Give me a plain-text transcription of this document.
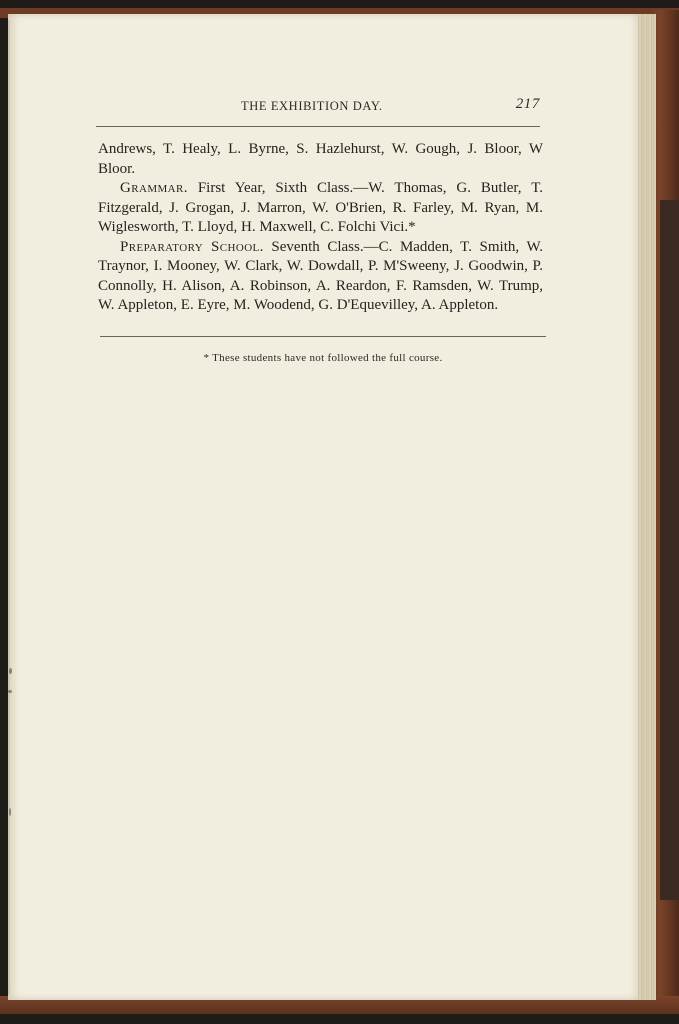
THE EXHIBITION DAY.	217

Andrews, T. Healy, L. Byrne, S. Hazlehurst, W. Gough, J. Bloor, W Bloor.

Grammar. First Year, Sixth Class.—W. Thomas, G. Butler, T. Fitzgerald, J. Grogan, J. Marron, W. O'Brien, R. Farley, M. Ryan, M. Wiglesworth, T. Lloyd, H. Maxwell, C. Folchi Vici.*

Preparatory School. Seventh Class.—C. Madden, T. Smith, W. Traynor, I. Mooney, W. Clark, W. Dowdall, P. M'Sweeny, J. Goodwin, P. Connolly, H. Alison, A. Robinson, A. Reardon, F. Ramsden, W. Trump, W. Appleton, E. Eyre, M. Woodend, G. D'Equevilley, A. Appleton.

* These students have not followed the full course.
